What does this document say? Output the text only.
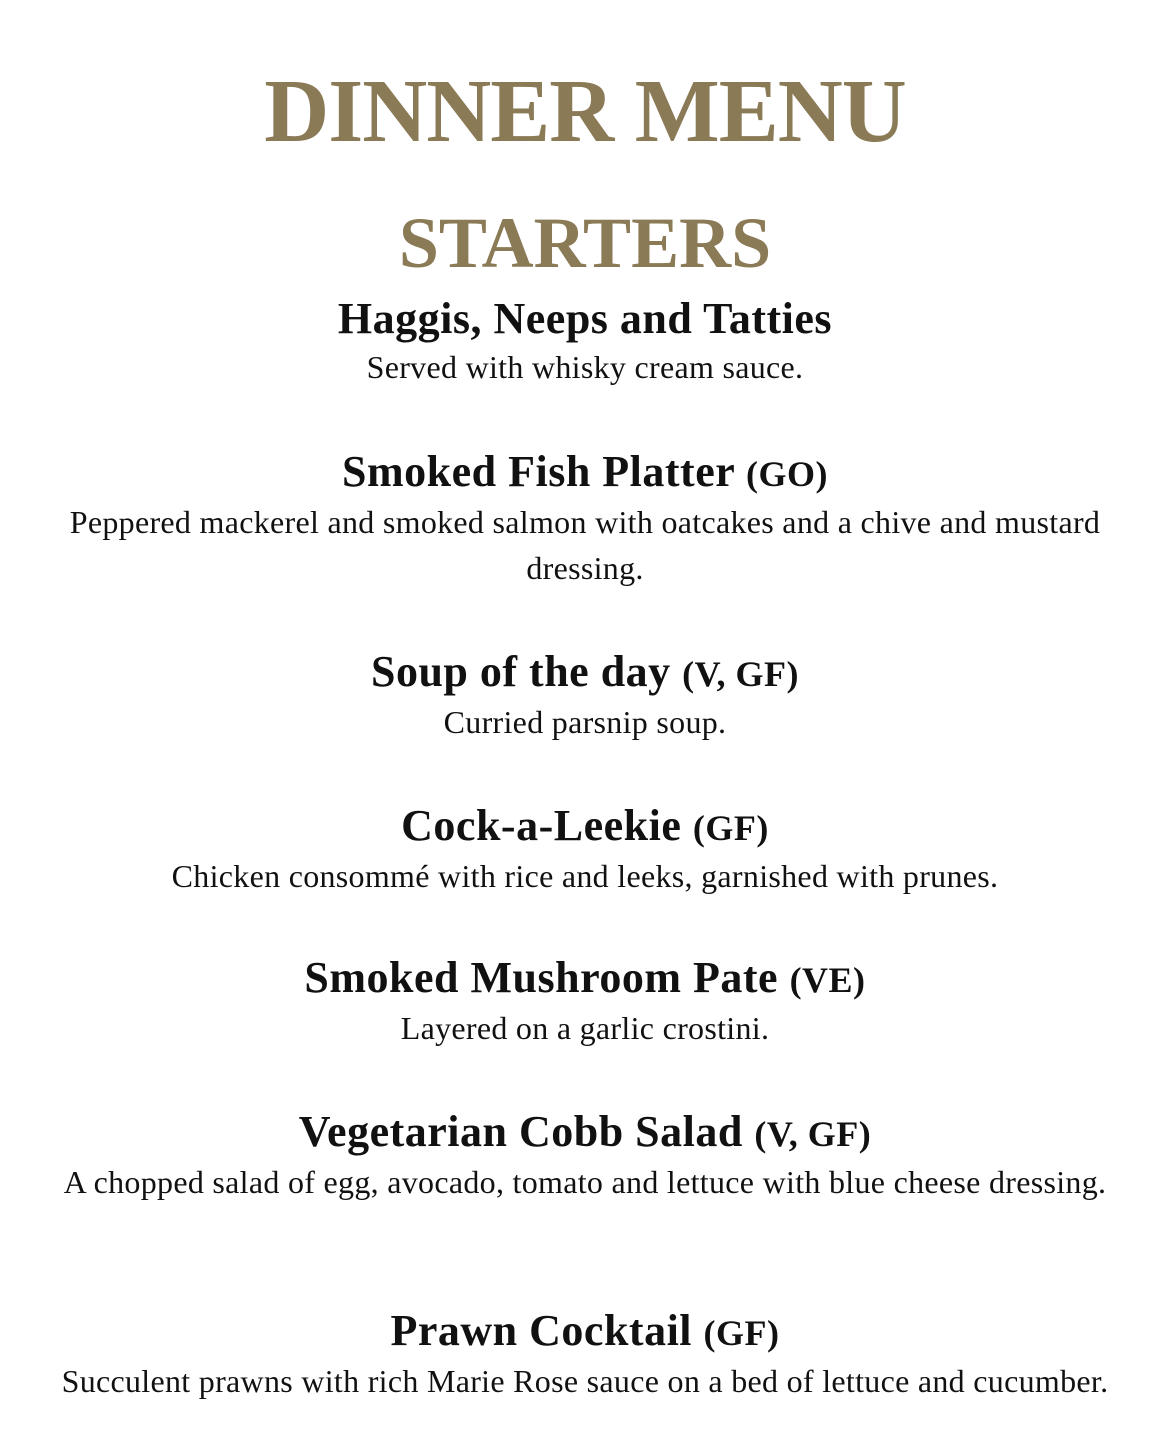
DINNER MENU
STARTERS
Haggis, Neeps and Tatties
Served with whisky cream sauce.
Smoked Fish Platter (GO)
Peppered mackerel and smoked salmon with oatcakes and a chive and mustard dressing.
Soup of the day (V, GF)
Curried parsnip soup.
Cock-a-Leekie (GF)
Chicken consommé with rice and leeks, garnished with prunes.
Smoked Mushroom Pate (VE)
Layered on a garlic crostini.
Vegetarian Cobb Salad (V, GF)
A chopped salad of egg, avocado, tomato and lettuce with blue cheese dressing.
Prawn Cocktail (GF)
Succulent prawns with rich Marie Rose sauce on a bed of lettuce and cucumber.
